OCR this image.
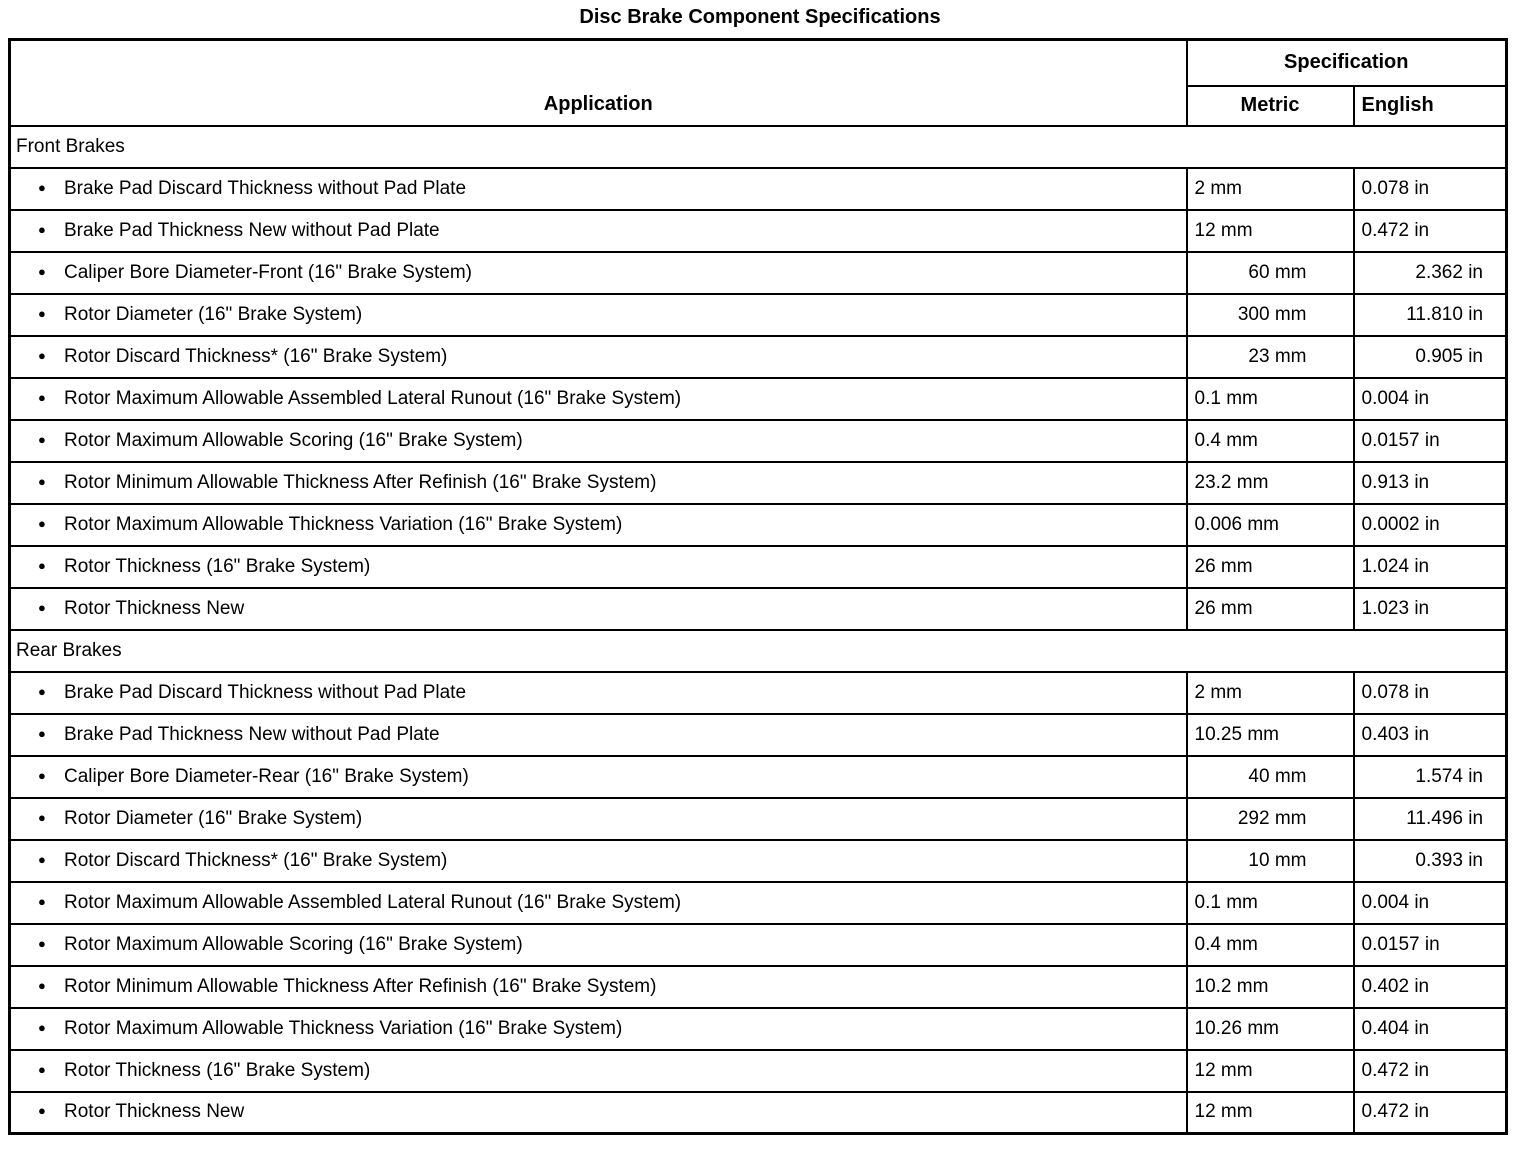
Disc Brake Component Specifications
Application	Specification	
	Metric	English
Front Brakes		
● Brake Pad Discard Thickness without Pad Plate	2 mm	0.078 in
● Brake Pad Thickness New without Pad Plate	12 mm	0.472 in
● Caliper Bore Diameter-Front (16" Brake System)	60 mm	2.362 in
● Rotor Diameter (16" Brake System)	300 mm	11.810 in
● Rotor Discard Thickness* (16" Brake System)	23 mm	0.905 in
● Rotor Maximum Allowable Assembled Lateral Runout (16" Brake System)	0.1 mm	0.004 in
● Rotor Maximum Allowable Scoring (16" Brake System)	0.4 mm	0.0157 in
● Rotor Minimum Allowable Thickness After Refinish (16" Brake System)	23.2 mm	0.913 in
● Rotor Maximum Allowable Thickness Variation (16" Brake System)	0.006 mm	0.0002 in
● Rotor Thickness (16" Brake System)	26 mm	1.024 in
● Rotor Thickness New	26 mm	1.023 in
Rear Brakes		
● Brake Pad Discard Thickness without Pad Plate	2 mm	0.078 in
● Brake Pad Thickness New without Pad Plate	10.25 mm	0.403 in
● Caliper Bore Diameter-Rear (16" Brake System)	40 mm	1.574 in
● Rotor Diameter (16" Brake System)	292 mm	11.496 in
● Rotor Discard Thickness* (16" Brake System)	10 mm	0.393 in
● Rotor Maximum Allowable Assembled Lateral Runout (16" Brake System)	0.1 mm	0.004 in
● Rotor Maximum Allowable Scoring (16" Brake System)	0.4 mm	0.0157 in
● Rotor Minimum Allowable Thickness After Refinish (16" Brake System)	10.2 mm	0.402 in
● Rotor Maximum Allowable Thickness Variation (16" Brake System)	10.26 mm	0.404 in
● Rotor Thickness (16" Brake System)	12 mm	0.472 in
● Rotor Thickness New	12 mm	0.472 in
